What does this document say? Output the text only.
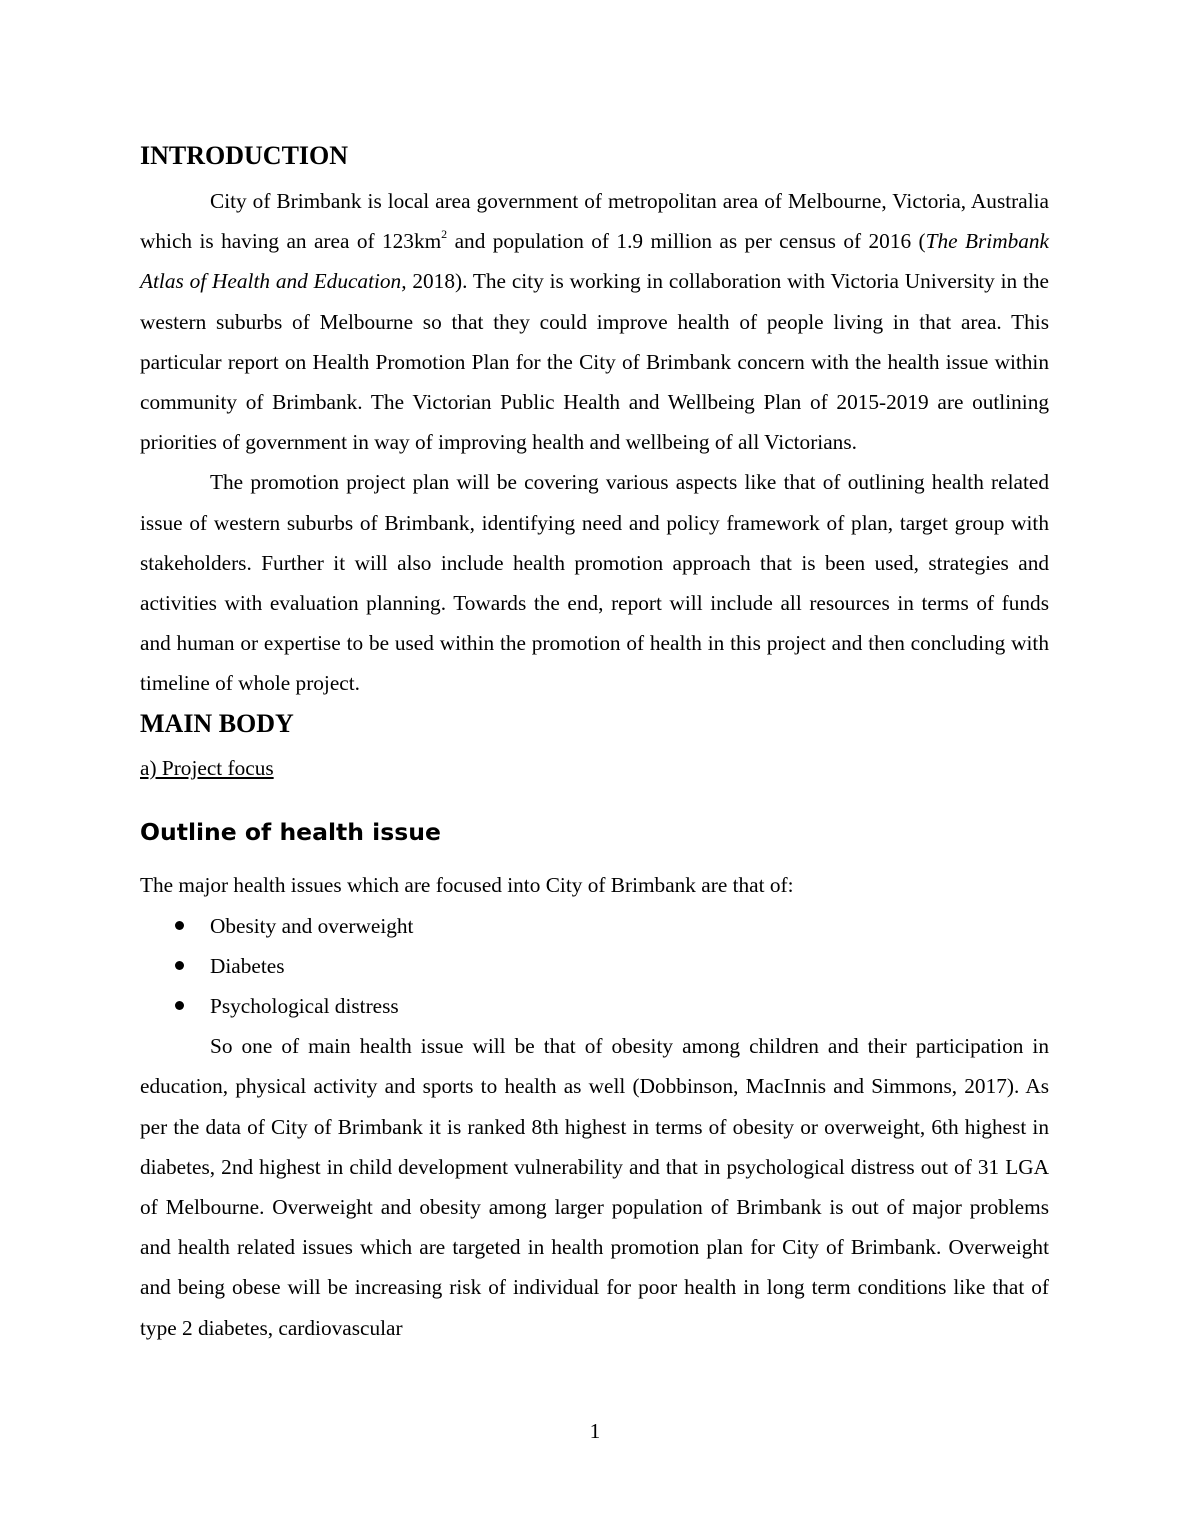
INTRODUCTION

City of Brimbank is local area government of metropolitan area of Melbourne, Victoria, Australia which is having an area of $123km^2$ and population of 1.9 million as per census of 2016 (The Brimbank Atlas of Health and Education, 2018). The city is working in collaboration with Victoria University in the western suburbs of Melbourne so that they could improve health of people living in that area. This particular report on Health Promotion Plan for the City of Brimbank concern with the health issue within community of Brimbank. The Victorian Public Health and Wellbeing Plan of 2015-2019 are outlining priorities of government in way of improving health and wellbeing of all Victorians.

The promotion project plan will be covering various aspects like that of outlining health related issue of western suburbs of Brimbank, identifying need and policy framework of plan, target group with stakeholders. Further it will also include health promotion approach that is been used, strategies and activities with evaluation planning. Towards the end, report will include all resources in terms of funds and human or expertise to be used within the promotion of health in this project and then concluding with timeline of whole project.

MAIN BODY

a) Project focus

Outline of health issue

The major health issues which are focused into City of Brimbank are that of:

Obesity and overweight
Diabetes
Psychological distress

So one of main health issue will be that of obesity among children and their participation in education, physical activity and sports to health as well (Dobbinson, MacInnis and Simmons, 2017). As per the data of City of Brimbank it is ranked 8th highest in terms of obesity or overweight, 6th highest in diabetes, 2nd highest in child development vulnerability and that in psychological distress out of 31 LGA of Melbourne. Overweight and obesity among larger population of Brimbank is out of major problems and health related issues which are targeted in health promotion plan for City of Brimbank. Overweight and being obese will be increasing risk of individual for poor health in long term conditions like that of type 2 diabetes, cardiovascular

1
